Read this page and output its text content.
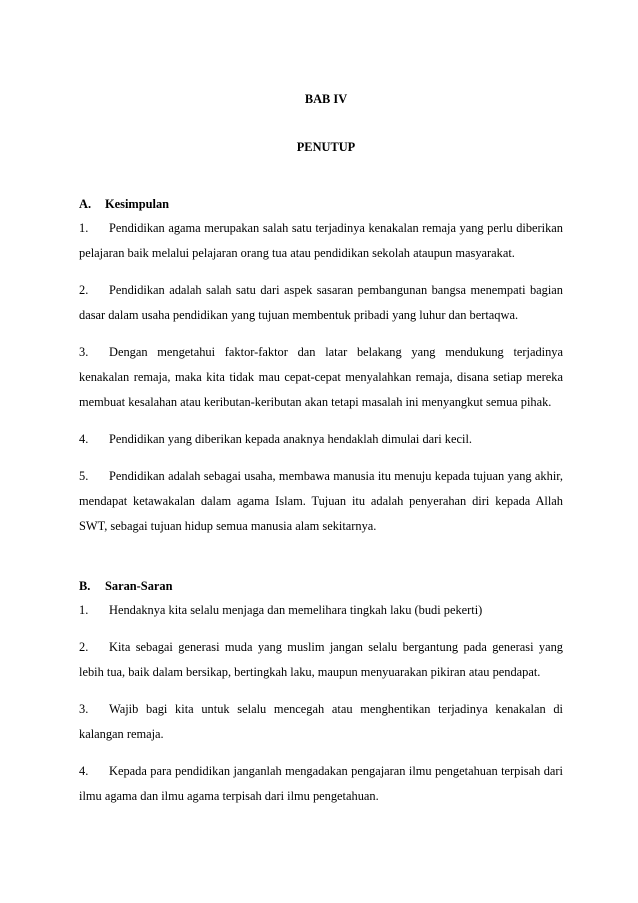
BAB IV
PENUTUP
A. Kesimpulan
1. Pendidikan agama merupakan salah satu terjadinya kenakalan remaja yang perlu diberikan pelajaran baik melalui pelajaran orang tua atau pendidikan sekolah ataupun masyarakat.
2. Pendidikan adalah salah satu dari aspek sasaran pembangunan bangsa menempati bagian dasar dalam usaha pendidikan yang tujuan membentuk pribadi yang luhur dan bertaqwa.
3. Dengan mengetahui faktor-faktor dan latar belakang yang mendukung terjadinya kenakalan remaja, maka kita tidak mau cepat-cepat menyalahkan remaja, disana setiap mereka membuat kesalahan atau keributan-keributan akan tetapi masalah ini menyangkut semua pihak.
4. Pendidikan yang diberikan kepada anaknya hendaklah dimulai dari kecil.
5. Pendidikan adalah sebagai usaha, membawa manusia itu menuju kepada tujuan yang akhir, mendapat ketawakalan dalam agama Islam. Tujuan itu adalah penyerahan diri kepada Allah SWT, sebagai tujuan hidup semua manusia alam sekitarnya.
B. Saran-Saran
1. Hendaknya kita selalu menjaga dan memelihara tingkah laku (budi pekerti)
2. Kita sebagai generasi muda yang muslim jangan selalu bergantung pada generasi yang lebih tua, baik dalam bersikap, bertingkah laku, maupun menyuarakan pikiran atau pendapat.
3. Wajib bagi kita untuk selalu mencegah atau menghentikan terjadinya kenakalan di kalangan remaja.
4. Kepada para pendidikan janganlah mengadakan pengajaran ilmu pengetahuan terpisah dari ilmu agama dan ilmu agama terpisah dari ilmu pengetahuan.
